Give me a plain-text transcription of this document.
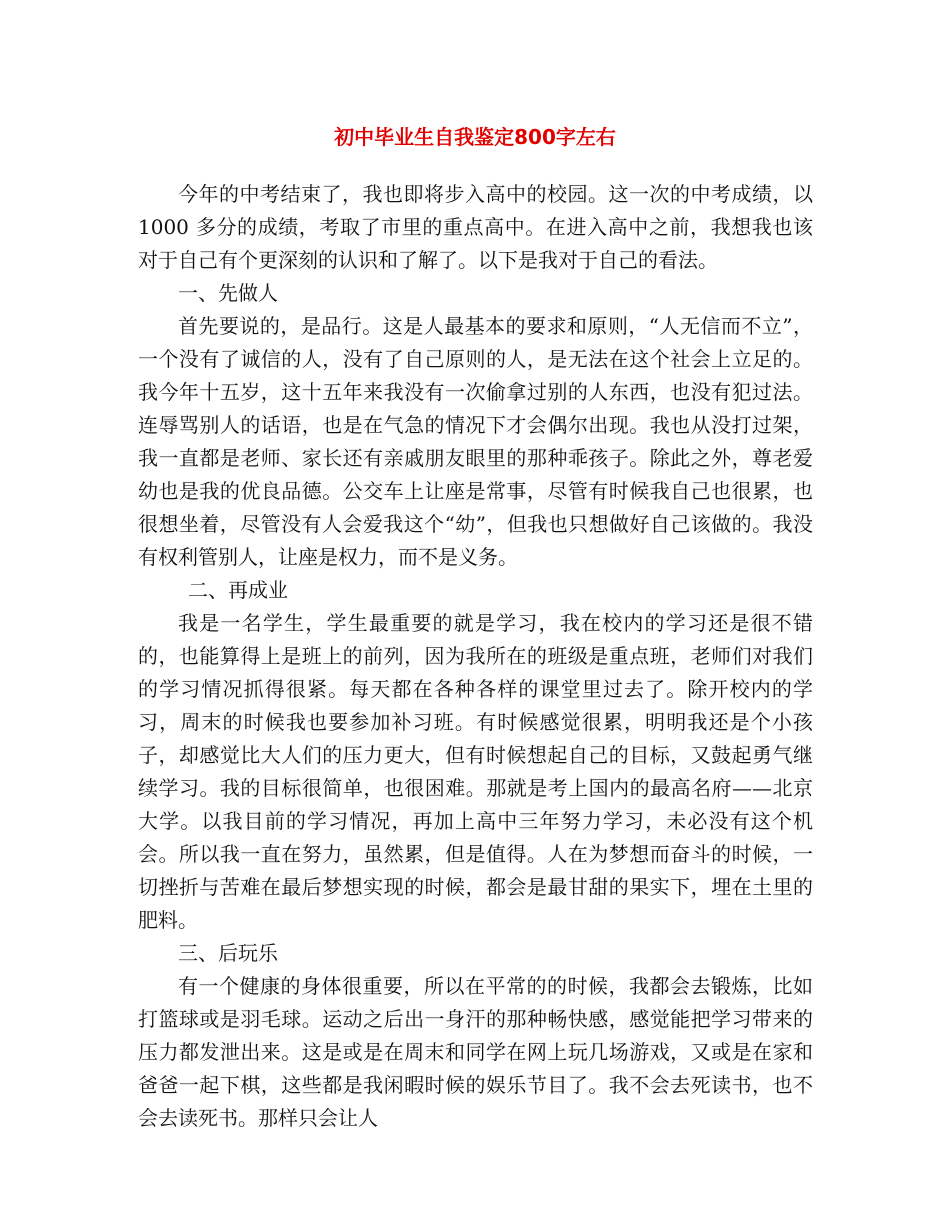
初中毕业生自我鉴定800字左右

今年的中考结束了，我也即将步入高中的校园。这一次的中考成绩，以 1000 多分的成绩，考取了市里的重点高中。在进入高中之前，我想我也该对于自己有个更深刻的认识和了解了。以下是我对于自己的看法。

一、先做人

首先要说的，是品行。这是人最基本的要求和原则，“人无信而不立”，一个没有了诚信的人，没有了自己原则的人，是无法在这个社会上立足的。我今年十五岁，这十五年来我没有一次偷拿过别的人东西，也没有犯过法。连辱骂别人的话语，也是在气急的情况下才会偶尔出现。我也从没打过架，我一直都是老师、家长还有亲戚朋友眼里的那种乖孩子。除此之外，尊老爱幼也是我的优良品德。公交车上让座是常事，尽管有时候我自己也很累，也很想坐着，尽管没有人会爱我这个“幼”，但我也只想做好自己该做的。我没有权利管别人，让座是权力，而不是义务。

二、再成业

我是一名学生，学生最重要的就是学习，我在校内的学习还是很不错的，也能算得上是班上的前列，因为我所在的班级是重点班，老师们对我们的学习情况抓得很紧。每天都在各种各样的课堂里过去了。除开校内的学习，周末的时候我也要参加补习班。有时候感觉很累，明明我还是个小孩子，却感觉比大人们的压力更大，但有时候想起自己的目标，又鼓起勇气继续学习。我的目标很简单，也很困难。那就是考上国内的最高名府——北京大学。以我目前的学习情况，再加上高中三年努力学习，未必没有这个机会。所以我一直在努力，虽然累，但是值得。人在为梦想而奋斗的时候，一切挫折与苦难在最后梦想实现的时候，都会是最甘甜的果实下，埋在土里的肥料。

三、后玩乐

有一个健康的身体很重要，所以在平常的的时候，我都会去锻炼，比如打篮球或是羽毛球。运动之后出一身汗的那种畅快感，感觉能把学习带来的压力都发泄出来。这是或是在周末和同学在网上玩几场游戏，又或是在家和爸爸一起下棋，这些都是我闲暇时候的娱乐节目了。我不会去死读书，也不会去读死书。那样只会让人
